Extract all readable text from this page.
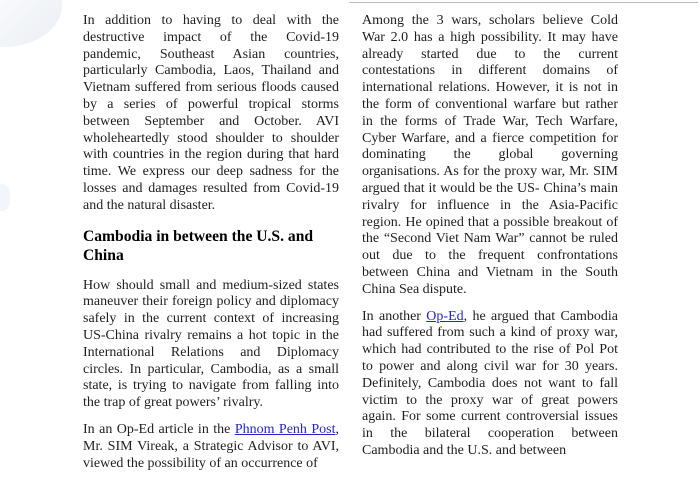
In addition to having to deal with the destructive impact of the Covid-19 pandemic, Southeast Asian countries, particularly Cambodia, Laos, Thailand and Vietnam suffered from serious floods caused by a series of powerful tropical storms between September and October. AVI wholeheartedly stood shoulder to shoulder with countries in the region during that hard time. We express our deep sadness for the losses and damages resulted from Covid-19 and the natural disaster.

Cambodia in between the U.S. and China

How should small and medium-sized states maneuver their foreign policy and diplomacy safely in the current context of increasing US-China rivalry remains a hot topic in the International Relations and Diplomacy circles. In particular, Cambodia, as a small state, is trying to navigate from falling into the trap of great powers’ rivalry.

In an Op-Ed article in the Phnom Penh Post, Mr. SIM Vireak, a Strategic Advisor to AVI, viewed the possibility of an occurrence of

Among the 3 wars, scholars believe Cold War 2.0 has a high possibility. It may have already started due to the current contestations in different domains of international relations. However, it is not in the form of conventional warfare but rather in the forms of Trade War, Tech Warfare, Cyber Warfare, and a fierce competition for dominating the global governing organisations. As for the proxy war, Mr. SIM argued that it would be the US- China’s main rivalry for influence in the Asia-Pacific region. He opined that a possible breakout of the “Second Viet Nam War” cannot be ruled out due to the frequent confrontations between China and Vietnam in the South China Sea dispute.

In another Op-Ed, he argued that Cambodia had suffered from such a kind of proxy war, which had contributed to the rise of Pol Pot to power and along civil war for 30 years. Definitely, Cambodia does not want to fall victim to the proxy war of great powers again. For some current controversial issues in the bilateral cooperation between Cambodia and the U.S. and between
